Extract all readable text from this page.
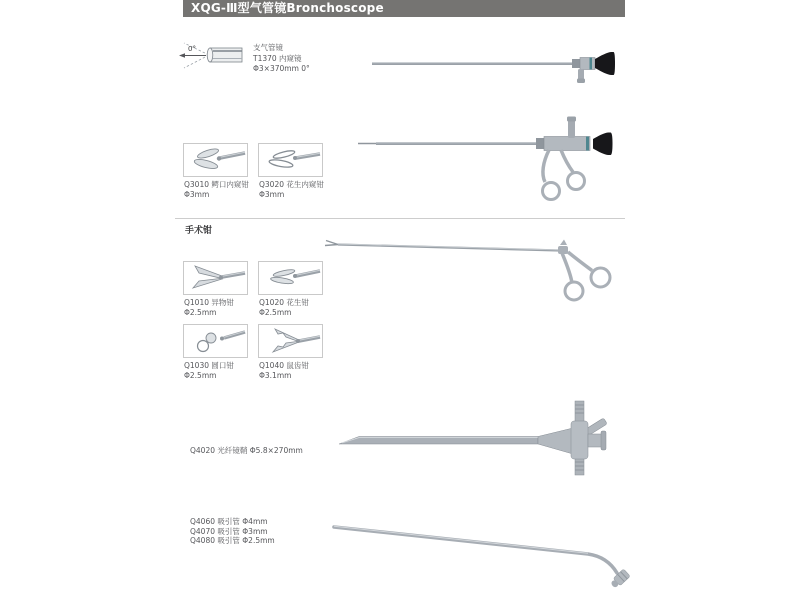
XQG-Ⅲ型气管镜Bronchoscope
0°	支气管镜
T1370 内窥镜
Φ3×370mm 0°
Q3010 鳄口内窥钳
Φ3mm
Q3020 花生内窥钳
Φ3mm
手术钳
Q1010 异物钳
Φ2.5mm
Q1020 花生钳
Φ2.5mm
Q1030 圆口钳
Φ2.5mm
Q1040 鼠齿钳
Φ3.1mm
Q4020 光纤镜鞘 Φ5.8×270mm
Q4060 吸引管 Φ4mm
Q4070 吸引管 Φ3mm
Q4080 吸引管 Φ2.5mm
